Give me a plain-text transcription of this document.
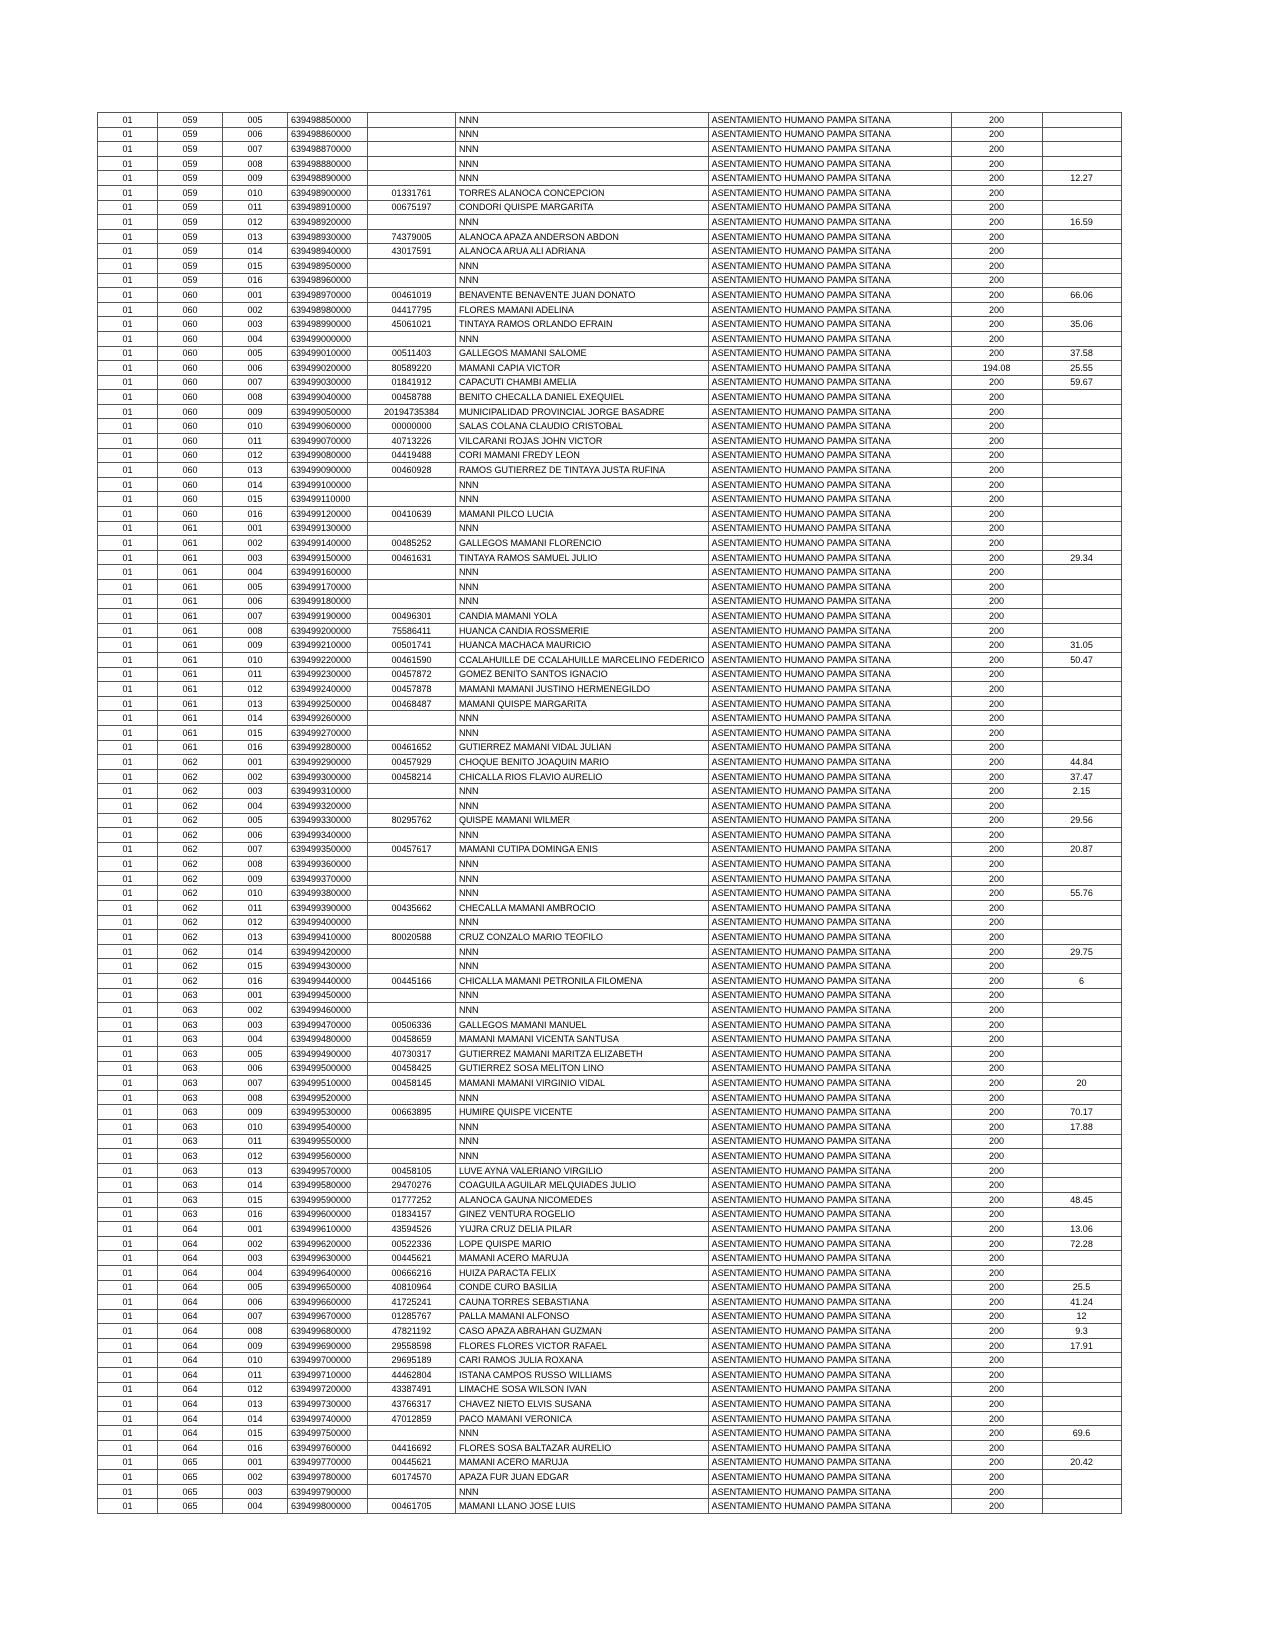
01	059	005	639498850000		NNN	ASENTAMIENTO HUMANO PAMPA SITANA	200	
01	059	006	639498860000		NNN	ASENTAMIENTO HUMANO PAMPA SITANA	200	
01	059	007	639498870000		NNN	ASENTAMIENTO HUMANO PAMPA SITANA	200	
01	059	008	639498880000		NNN	ASENTAMIENTO HUMANO PAMPA SITANA	200	
01	059	009	639498890000		NNN	ASENTAMIENTO HUMANO PAMPA SITANA	200	12.27
01	059	010	639498900000	01331761	TORRES ALANOCA CONCEPCION	ASENTAMIENTO HUMANO PAMPA SITANA	200	
01	059	011	639498910000	00675197	CONDORI QUISPE MARGARITA	ASENTAMIENTO HUMANO PAMPA SITANA	200	
01	059	012	639498920000		NNN	ASENTAMIENTO HUMANO PAMPA SITANA	200	16.59
01	059	013	639498930000	74379005	ALANOCA APAZA ANDERSON ABDON	ASENTAMIENTO HUMANO PAMPA SITANA	200	
01	059	014	639498940000	43017591	ALANOCA ARUA ALI ADRIANA	ASENTAMIENTO HUMANO PAMPA SITANA	200	
01	059	015	639498950000		NNN	ASENTAMIENTO HUMANO PAMPA SITANA	200	
01	059	016	639498960000		NNN	ASENTAMIENTO HUMANO PAMPA SITANA	200	
01	060	001	639498970000	00461019	BENAVENTE BENAVENTE JUAN DONATO	ASENTAMIENTO HUMANO PAMPA SITANA	200	66.06
01	060	002	639498980000	04417795	FLORES MAMANI ADELINA	ASENTAMIENTO HUMANO PAMPA SITANA	200	
01	060	003	639498990000	45061021	TINTAYA RAMOS ORLANDO EFRAIN	ASENTAMIENTO HUMANO PAMPA SITANA	200	35.06
01	060	004	639499000000		NNN	ASENTAMIENTO HUMANO PAMPA SITANA	200	
01	060	005	639499010000	00511403	GALLEGOS MAMANI SALOME	ASENTAMIENTO HUMANO PAMPA SITANA	200	37.58
01	060	006	639499020000	80589220	MAMANI CAPIA VICTOR	ASENTAMIENTO HUMANO PAMPA SITANA	194.08	25.55
01	060	007	639499030000	01841912	CAPACUTI CHAMBI AMELIA	ASENTAMIENTO HUMANO PAMPA SITANA	200	59.67
01	060	008	639499040000	00458788	BENITO CHECALLA DANIEL EXEQUIEL	ASENTAMIENTO HUMANO PAMPA SITANA	200	
01	060	009	639499050000	20194735384	MUNICIPALIDAD PROVINCIAL JORGE BASADRE	ASENTAMIENTO HUMANO PAMPA SITANA	200	
01	060	010	639499060000	00000000	SALAS COLANA CLAUDIO CRISTOBAL	ASENTAMIENTO HUMANO PAMPA SITANA	200	
01	060	011	639499070000	40713226	VILCARANI ROJAS JOHN VICTOR	ASENTAMIENTO HUMANO PAMPA SITANA	200	
01	060	012	639499080000	04419488	CORI MAMANI FREDY LEON	ASENTAMIENTO HUMANO PAMPA SITANA	200	
01	060	013	639499090000	00460928	RAMOS GUTIERREZ DE TINTAYA JUSTA RUFINA	ASENTAMIENTO HUMANO PAMPA SITANA	200	
01	060	014	639499100000		NNN	ASENTAMIENTO HUMANO PAMPA SITANA	200	
01	060	015	639499110000		NNN	ASENTAMIENTO HUMANO PAMPA SITANA	200	
01	060	016	639499120000	00410639	MAMANI PILCO LUCIA	ASENTAMIENTO HUMANO PAMPA SITANA	200	
01	061	001	639499130000		NNN	ASENTAMIENTO HUMANO PAMPA SITANA	200	
01	061	002	639499140000	00485252	GALLEGOS MAMANI FLORENCIO	ASENTAMIENTO HUMANO PAMPA SITANA	200	
01	061	003	639499150000	00461631	TINTAYA RAMOS SAMUEL JULIO	ASENTAMIENTO HUMANO PAMPA SITANA	200	29.34
01	061	004	639499160000		NNN	ASENTAMIENTO HUMANO PAMPA SITANA	200	
01	061	005	639499170000		NNN	ASENTAMIENTO HUMANO PAMPA SITANA	200	
01	061	006	639499180000		NNN	ASENTAMIENTO HUMANO PAMPA SITANA	200	
01	061	007	639499190000	00496301	CANDIA MAMANI YOLA	ASENTAMIENTO HUMANO PAMPA SITANA	200	
01	061	008	639499200000	75586411	HUANCA CANDIA ROSSMERIE	ASENTAMIENTO HUMANO PAMPA SITANA	200	
01	061	009	639499210000	00501741	HUANCA MACHACA MAURICIO	ASENTAMIENTO HUMANO PAMPA SITANA	200	31.05
01	061	010	639499220000	00461590	CCALAHUILLE DE CCALAHUILLE MARCELINO FEDERICO	ASENTAMIENTO HUMANO PAMPA SITANA	200	50.47
01	061	011	639499230000	00457872	GOMEZ BENITO SANTOS IGNACIO	ASENTAMIENTO HUMANO PAMPA SITANA	200	
01	061	012	639499240000	00457878	MAMANI MAMANI JUSTINO HERMENEGILDO	ASENTAMIENTO HUMANO PAMPA SITANA	200	
01	061	013	639499250000	00468487	MAMANI QUISPE MARGARITA	ASENTAMIENTO HUMANO PAMPA SITANA	200	
01	061	014	639499260000		NNN	ASENTAMIENTO HUMANO PAMPA SITANA	200	
01	061	015	639499270000		NNN	ASENTAMIENTO HUMANO PAMPA SITANA	200	
01	061	016	639499280000	00461652	GUTIERREZ MAMANI VIDAL JULIAN	ASENTAMIENTO HUMANO PAMPA SITANA	200	
01	062	001	639499290000	00457929	CHOQUE BENITO JOAQUIN MARIO	ASENTAMIENTO HUMANO PAMPA SITANA	200	44.84
01	062	002	639499300000	00458214	CHICALLA RIOS FLAVIO AURELIO	ASENTAMIENTO HUMANO PAMPA SITANA	200	37.47
01	062	003	639499310000		NNN	ASENTAMIENTO HUMANO PAMPA SITANA	200	2.15
01	062	004	639499320000		NNN	ASENTAMIENTO HUMANO PAMPA SITANA	200	
01	062	005	639499330000	80295762	QUISPE MAMANI WILMER	ASENTAMIENTO HUMANO PAMPA SITANA	200	29.56
01	062	006	639499340000		NNN	ASENTAMIENTO HUMANO PAMPA SITANA	200	
01	062	007	639499350000	00457617	MAMANI CUTIPA DOMINGA ENIS	ASENTAMIENTO HUMANO PAMPA SITANA	200	20.87
01	062	008	639499360000		NNN	ASENTAMIENTO HUMANO PAMPA SITANA	200	
01	062	009	639499370000		NNN	ASENTAMIENTO HUMANO PAMPA SITANA	200	
01	062	010	639499380000		NNN	ASENTAMIENTO HUMANO PAMPA SITANA	200	55.76
01	062	011	639499390000	00435662	CHECALLA MAMANI AMBROCIO	ASENTAMIENTO HUMANO PAMPA SITANA	200	
01	062	012	639499400000		NNN	ASENTAMIENTO HUMANO PAMPA SITANA	200	
01	062	013	639499410000	80020588	CRUZ CONZALO MARIO TEOFILO	ASENTAMIENTO HUMANO PAMPA SITANA	200	
01	062	014	639499420000		NNN	ASENTAMIENTO HUMANO PAMPA SITANA	200	29.75
01	062	015	639499430000		NNN	ASENTAMIENTO HUMANO PAMPA SITANA	200	
01	062	016	639499440000	00445166	CHICALLA MAMANI PETRONILA FILOMENA	ASENTAMIENTO HUMANO PAMPA SITANA	200	6
01	063	001	639499450000		NNN	ASENTAMIENTO HUMANO PAMPA SITANA	200	
01	063	002	639499460000		NNN	ASENTAMIENTO HUMANO PAMPA SITANA	200	
01	063	003	639499470000	00506336	GALLEGOS MAMANI MANUEL	ASENTAMIENTO HUMANO PAMPA SITANA	200	
01	063	004	639499480000	00458659	MAMANI MAMANI VICENTA SANTUSA	ASENTAMIENTO HUMANO PAMPA SITANA	200	
01	063	005	639499490000	40730317	GUTIERREZ MAMANI MARITZA ELIZABETH	ASENTAMIENTO HUMANO PAMPA SITANA	200	
01	063	006	639499500000	00458425	GUTIERREZ SOSA MELITON LINO	ASENTAMIENTO HUMANO PAMPA SITANA	200	
01	063	007	639499510000	00458145	MAMANI MAMANI VIRGINIO VIDAL	ASENTAMIENTO HUMANO PAMPA SITANA	200	20
01	063	008	639499520000		NNN	ASENTAMIENTO HUMANO PAMPA SITANA	200	
01	063	009	639499530000	00663895	HUMIRE QUISPE VICENTE	ASENTAMIENTO HUMANO PAMPA SITANA	200	70.17
01	063	010	639499540000		NNN	ASENTAMIENTO HUMANO PAMPA SITANA	200	17.88
01	063	011	639499550000		NNN	ASENTAMIENTO HUMANO PAMPA SITANA	200	
01	063	012	639499560000		NNN	ASENTAMIENTO HUMANO PAMPA SITANA	200	
01	063	013	639499570000	00458105	LUVE AYNA VALERIANO VIRGILIO	ASENTAMIENTO HUMANO PAMPA SITANA	200	
01	063	014	639499580000	29470276	COAGUILA AGUILAR MELQUIADES JULIO	ASENTAMIENTO HUMANO PAMPA SITANA	200	
01	063	015	639499590000	01777252	ALANOCA GAUNA NICOMEDES	ASENTAMIENTO HUMANO PAMPA SITANA	200	48.45
01	063	016	639499600000	01834157	GINEZ VENTURA ROGELIO	ASENTAMIENTO HUMANO PAMPA SITANA	200	
01	064	001	639499610000	43594526	YUJRA CRUZ DELIA PILAR	ASENTAMIENTO HUMANO PAMPA SITANA	200	13.06
01	064	002	639499620000	00522336	LOPE QUISPE MARIO	ASENTAMIENTO HUMANO PAMPA SITANA	200	72.28
01	064	003	639499630000	00445621	MAMANI ACERO MARUJA	ASENTAMIENTO HUMANO PAMPA SITANA	200	
01	064	004	639499640000	00666216	HUIZA PARACTA FELIX	ASENTAMIENTO HUMANO PAMPA SITANA	200	
01	064	005	639499650000	40810964	CONDE CURO BASILIA	ASENTAMIENTO HUMANO PAMPA SITANA	200	25.5
01	064	006	639499660000	41725241	CAUNA TORRES SEBASTIANA	ASENTAMIENTO HUMANO PAMPA SITANA	200	41.24
01	064	007	639499670000	01285767	PALLA MAMANI ALFONSO	ASENTAMIENTO HUMANO PAMPA SITANA	200	12
01	064	008	639499680000	47821192	CASO APAZA ABRAHAN GUZMAN	ASENTAMIENTO HUMANO PAMPA SITANA	200	9.3
01	064	009	639499690000	29558598	FLORES FLORES VICTOR RAFAEL	ASENTAMIENTO HUMANO PAMPA SITANA	200	17.91
01	064	010	639499700000	29695189	CARI RAMOS JULIA ROXANA	ASENTAMIENTO HUMANO PAMPA SITANA	200	
01	064	011	639499710000	44462804	ISTANA CAMPOS RUSSO WILLIAMS	ASENTAMIENTO HUMANO PAMPA SITANA	200	
01	064	012	639499720000	43387491	LIMACHE SOSA WILSON IVAN	ASENTAMIENTO HUMANO PAMPA SITANA	200	
01	064	013	639499730000	43766317	CHAVEZ NIETO ELVIS SUSANA	ASENTAMIENTO HUMANO PAMPA SITANA	200	
01	064	014	639499740000	47012859	PACO MAMANI VERONICA	ASENTAMIENTO HUMANO PAMPA SITANA	200	
01	064	015	639499750000		NNN	ASENTAMIENTO HUMANO PAMPA SITANA	200	69.6
01	064	016	639499760000	04416692	FLORES SOSA BALTAZAR AURELIO	ASENTAMIENTO HUMANO PAMPA SITANA	200	
01	065	001	639499770000	00445621	MAMANI ACERO MARUJA	ASENTAMIENTO HUMANO PAMPA SITANA	200	20.42
01	065	002	639499780000	60174570	APAZA FUR JUAN EDGAR	ASENTAMIENTO HUMANO PAMPA SITANA	200	
01	065	003	639499790000		NNN	ASENTAMIENTO HUMANO PAMPA SITANA	200	
01	065	004	639499800000	00461705	MAMANI LLANO JOSE LUIS	ASENTAMIENTO HUMANO PAMPA SITANA	200	
